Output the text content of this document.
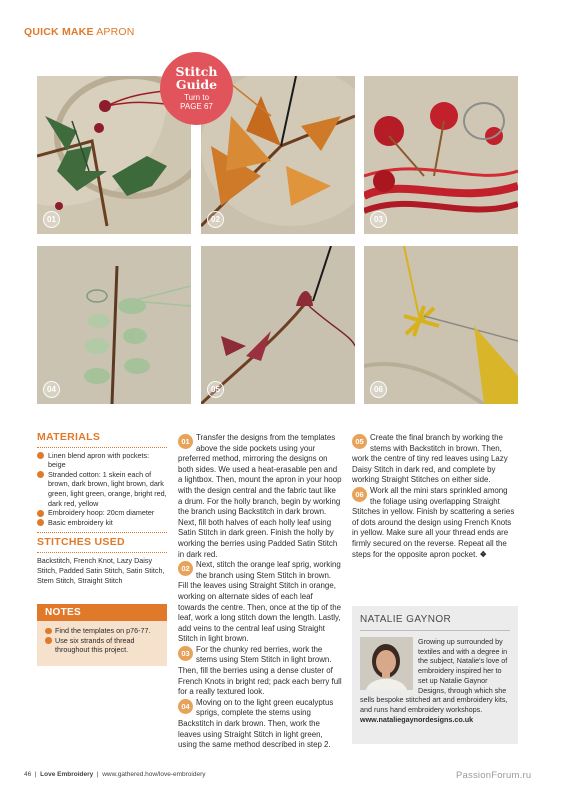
QUICK MAKE APRON
01	02	03
04	05	06
Stitch
Guide
Turn to
PAGE 67
MATERIALS
Linen blend apron with pockets: beige
Stranded cotton: 1 skein each of brown, dark brown, light brown, dark green, light green, orange, bright red, dark red, yellow
Embroidery hoop: 20cm diameter
Basic embroidery kit
STITCHES USED
Backstitch, French Knot, Lazy Daisy Stitch, Padded Satin Stitch, Satin Stitch, Stem Stitch, Straight Stitch
NOTES
Find the templates on p76-77.
Use six strands of thread throughout this project.
01 Transfer the designs from the templates above the side pockets using your preferred method, mirroring the designs on both sides. We used a heat-erasable pen and a lightbox. Then, mount the apron in your hoop with the design central and the fabric taut like a drum. For the holly branch, begin by working the branch using Backstitch in dark brown. Next, fill both halves of each holly leaf using Satin Stitch in dark green. Finish the holly by working the berries using Padded Satin Stitch in dark red.
02 Next, stitch the orange leaf sprig, working the branch using Stem Stitch in brown. Fill the leaves using Straight Stitch in orange, working on alternate sides of each leaf towards the centre. Then, once at the tip of the leaf, work a long stitch down the length. Lastly, add veins to the central leaf using Straight Stitch in light brown.
03 For the chunky red berries, work the stems using Stem Stitch in light brown. Then, fill the berries using a dense cluster of French Knots in bright red; pack each berry full for a really textured look.
04 Moving on to the light green eucalyptus sprigs, complete the stems using Backstitch in dark brown. Then, work the leaves using Straight Stitch in light green, using the same method described in step 2.
05 Create the final branch by working the stems with Backstitch in brown. Then, work the centre of tiny red leaves using Lazy Daisy Stitch in dark red, and complete by working Straight Stitches on either side.
06 Work all the mini stars sprinkled among the foliage using overlapping Straight Stitches in yellow. Finish by scattering a series of dots around the design using French Knots in yellow. Make sure all your thread ends are firmly secured on the reverse. Repeat all the steps for the opposite apron pocket. ❖
NATALIE GAYNOR
Growing up surrounded by textiles and with a degree in the subject, Natalie's love of embroidery inspired her to set up Natalie Gaynor Designs, through which she sells bespoke stitched art and embroidery kits, and runs hand embroidery workshops.
www.nataliegaynordesigns.co.uk
46  |  Love Embroidery  |  www.gathered.how/love-embroidery	PassionForum.ru
